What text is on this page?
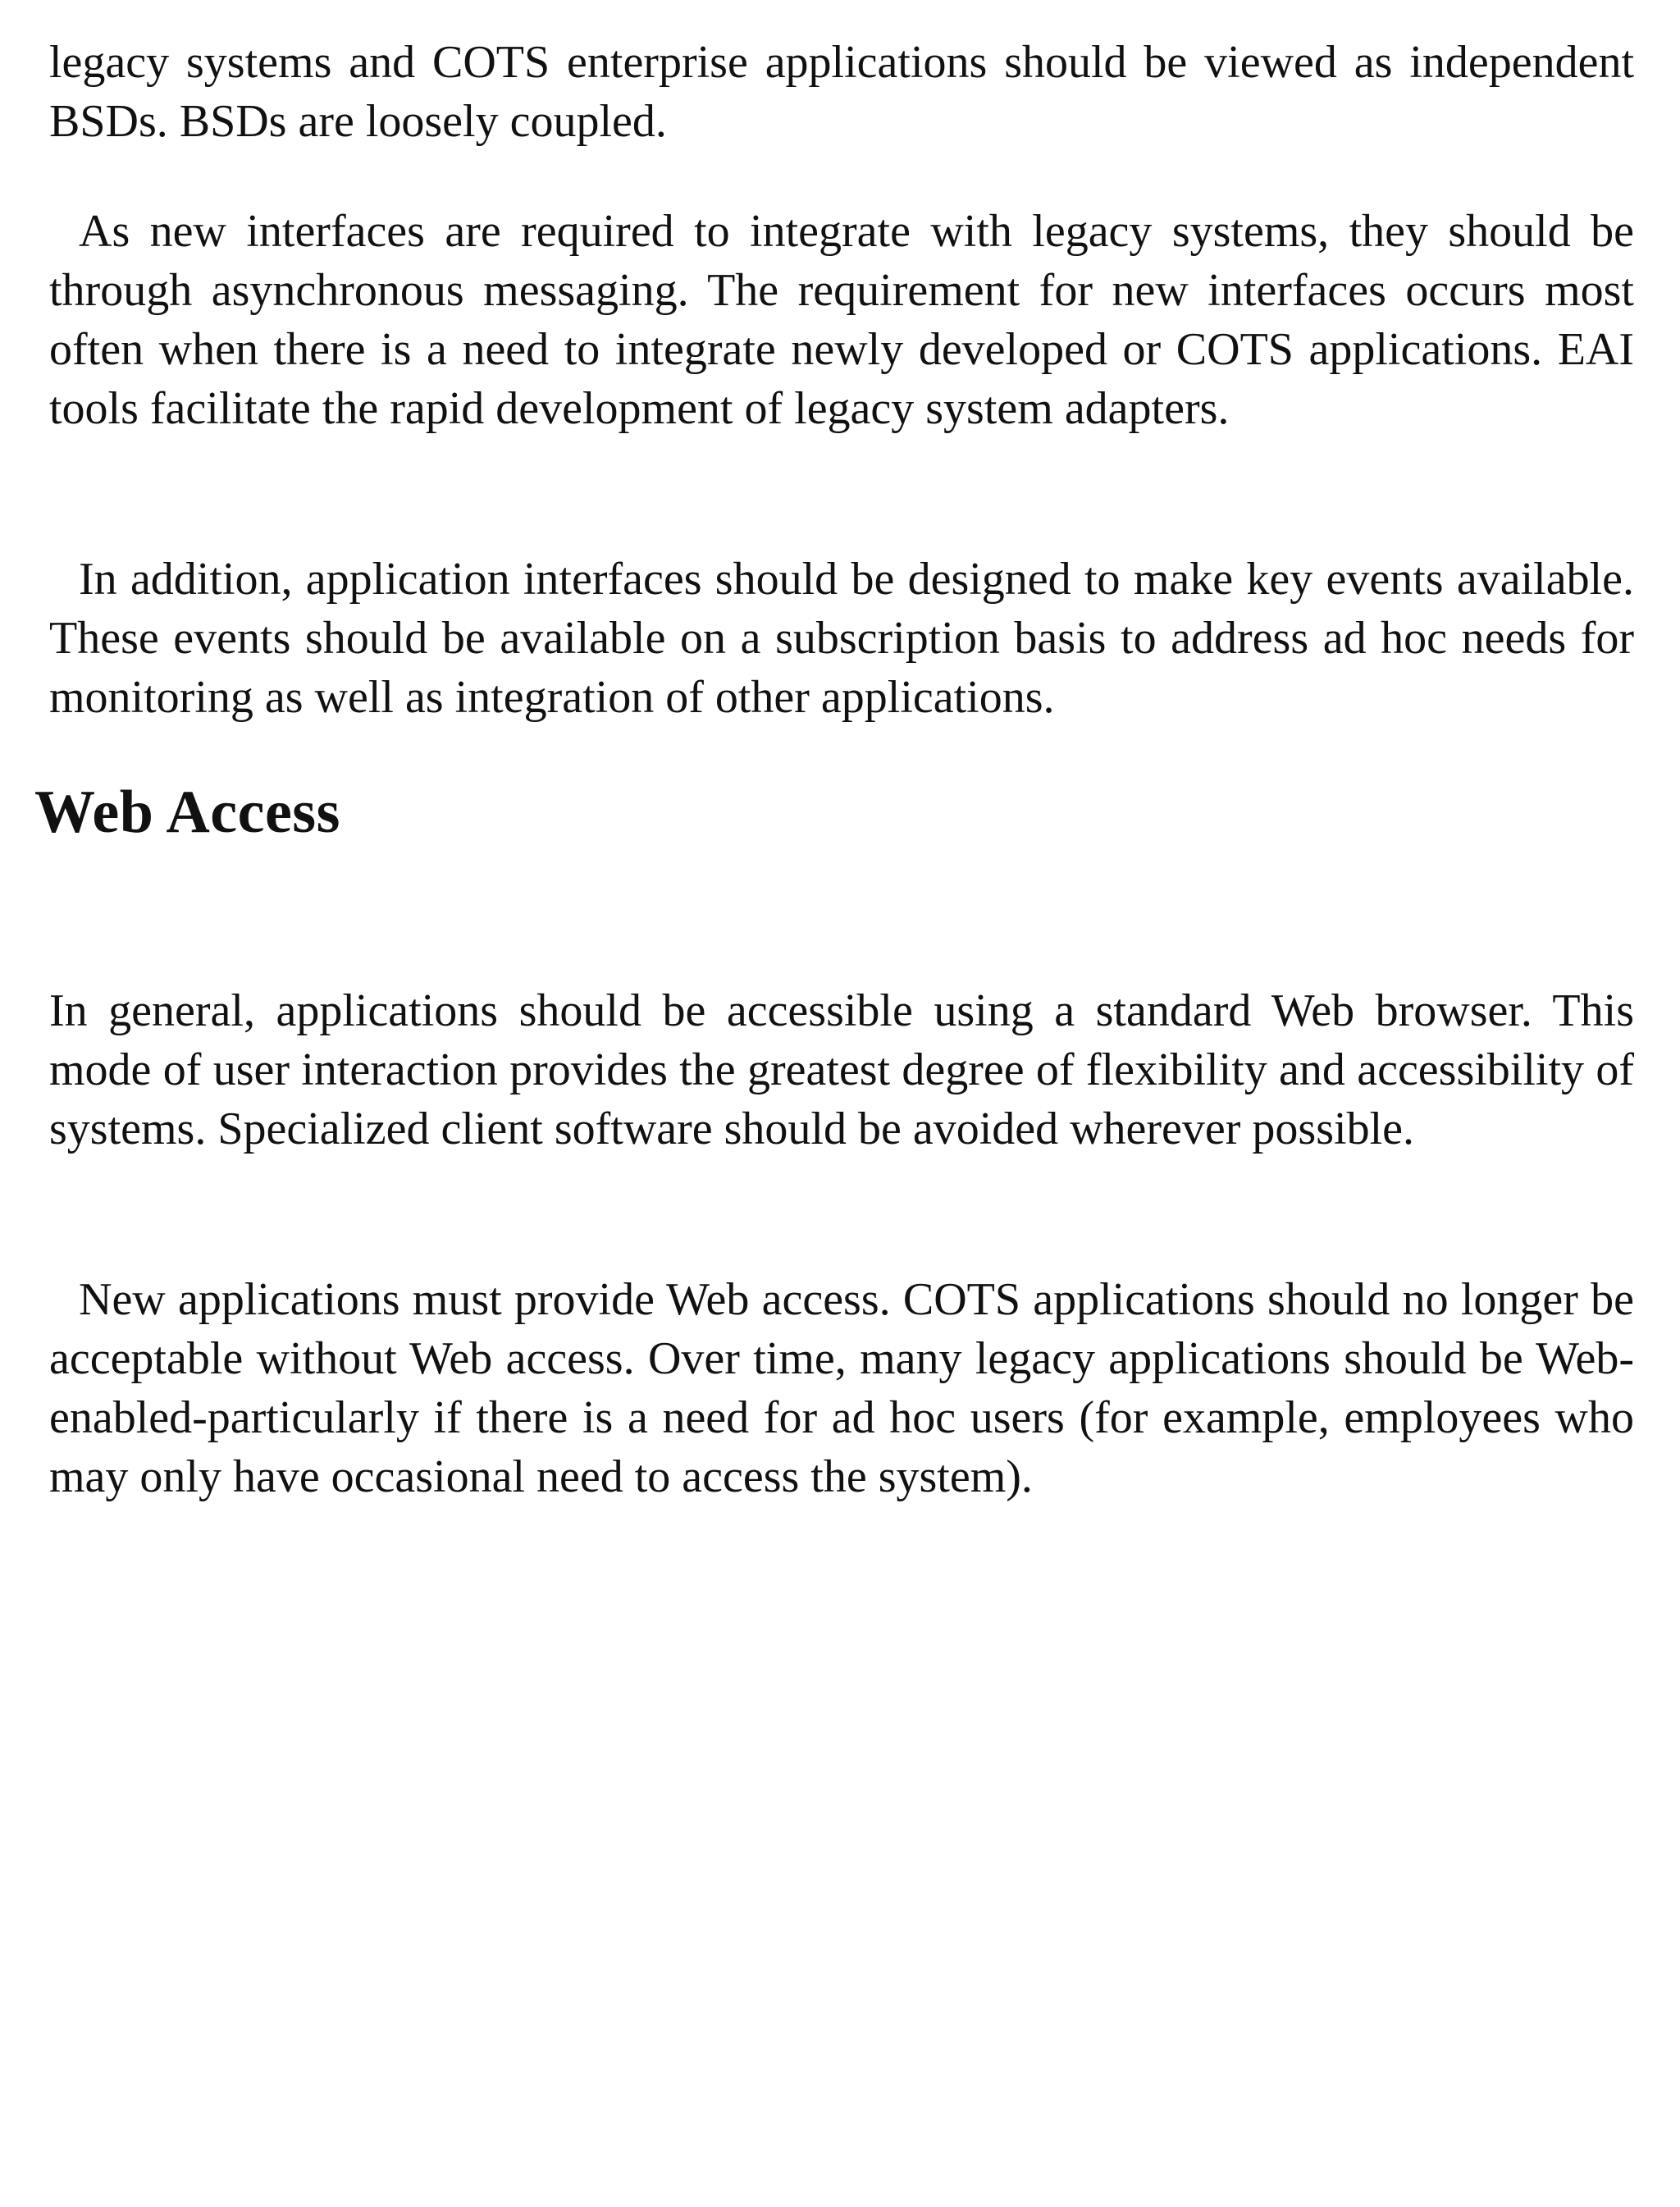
legacy systems and COTS enterprise applications should be viewed as independent BSDs. BSDs are loosely coupled.

As new interfaces are required to integrate with legacy systems, they should be through asynchronous messaging. The requirement for new interfaces occurs most often when there is a need to integrate newly developed or COTS applications. EAI tools facilitate the rapid development of legacy system adapters.

In addition, application interfaces should be designed to make key events available. These events should be available on a subscription basis to address ad hoc needs for monitoring as well as integration of other applications.

Web Access

In general, applications should be accessible using a standard Web browser. This mode of user interaction provides the greatest degree of flexibility and accessibility of systems. Specialized client software should be avoided wherever possible.

New applications must provide Web access. COTS applications should no longer be acceptable without Web access. Over time, many legacy applications should be Web-enabled-particularly if there is a need for ad hoc users (for example, employees who may only have occasional need to access the system).
